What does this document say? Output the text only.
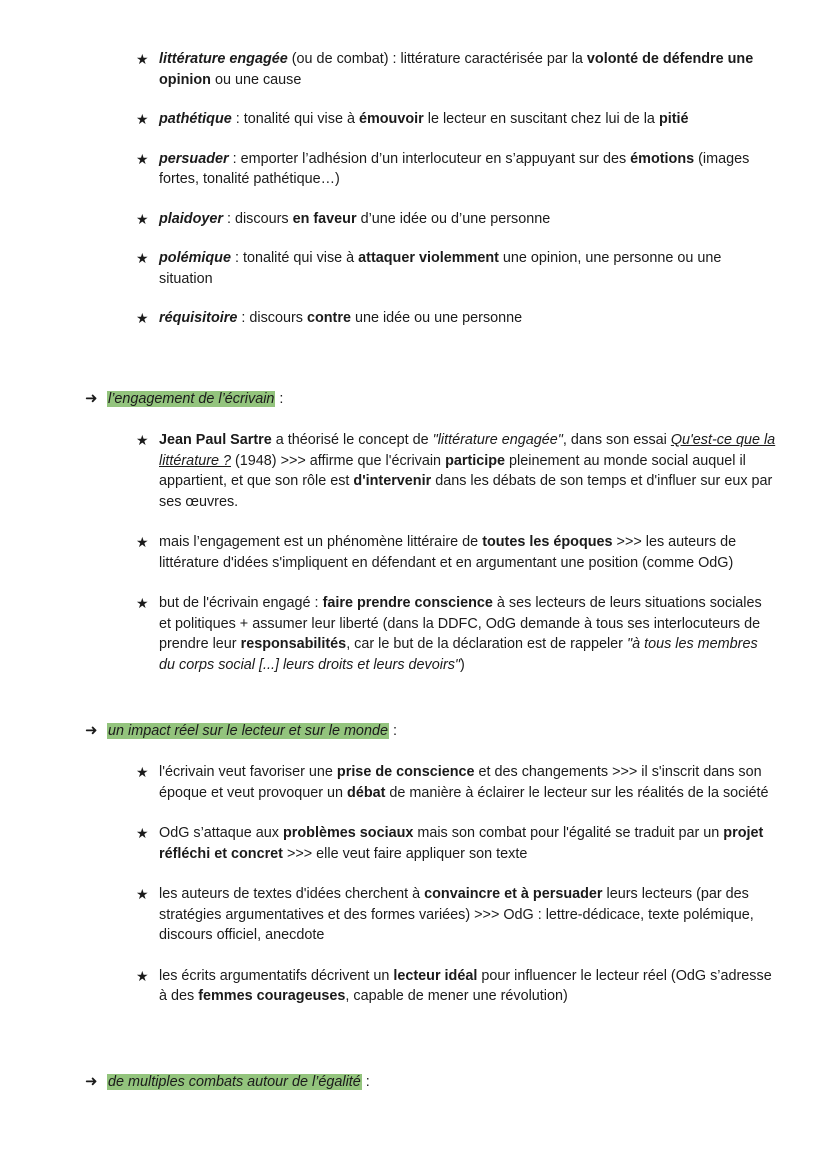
★ littérature engagée (ou de combat) : littérature caractérisée par la volonté de défendre une opinion ou une cause
★ pathétique : tonalité qui vise à émouvoir le lecteur en suscitant chez lui de la pitié
★ persuader : emporter l’adhésion d’un interlocuteur en s’appuyant sur des émotions (images fortes, tonalité pathétique…)
★ plaidoyer : discours en faveur d’une idée ou d’une personne
★ polémique : tonalité qui vise à attaquer violemment une opinion, une personne ou une situation
★ réquisitoire : discours contre une idée ou une personne
➜ l’engagement de l’écrivain :
★ Jean Paul Sartre a théorisé le concept de "littérature engagée", dans son essai Qu'est-ce que la littérature ? (1948) >>> affirme que l'écrivain participe pleinement au monde social auquel il appartient, et que son rôle est d'intervenir dans les débats de son temps et d'influer sur eux par ses œuvres.
★ mais l’engagement est un phénomène littéraire de toutes les époques >>> les auteurs de littérature d'idées s'impliquent en défendant et en argumentant une position (comme OdG)
★ but de l'écrivain engagé : faire prendre conscience à ses lecteurs de leurs situations sociales et politiques + assumer leur liberté (dans la DDFC, OdG demande à tous ses interlocuteurs de prendre leur responsabilités, car le but de la déclaration est de rappeler "à tous les membres du corps social [...] leurs droits et leurs devoirs")
➜ un impact réel sur le lecteur et sur le monde :
★ l'écrivain veut favoriser une prise de conscience et des changements >>> il s'inscrit dans son époque et veut provoquer un débat de manière à éclairer le lecteur sur les réalités de la société
★ OdG s’attaque aux problèmes sociaux mais son combat pour l'égalité se traduit par un projet réfléchi et concret >>> elle veut faire appliquer son texte
★ les auteurs de textes d'idées cherchent à convaincre et à persuader leurs lecteurs (par des stratégies argumentatives et des formes variées) >>> OdG : lettre-dédicace, texte polémique, discours officiel, anecdote
★ les écrits argumentatifs décrivent un lecteur idéal pour influencer le lecteur réel (OdG s’adresse à des femmes courageuses, capable de mener une révolution)
➜ de multiples combats autour de l’égalité :
